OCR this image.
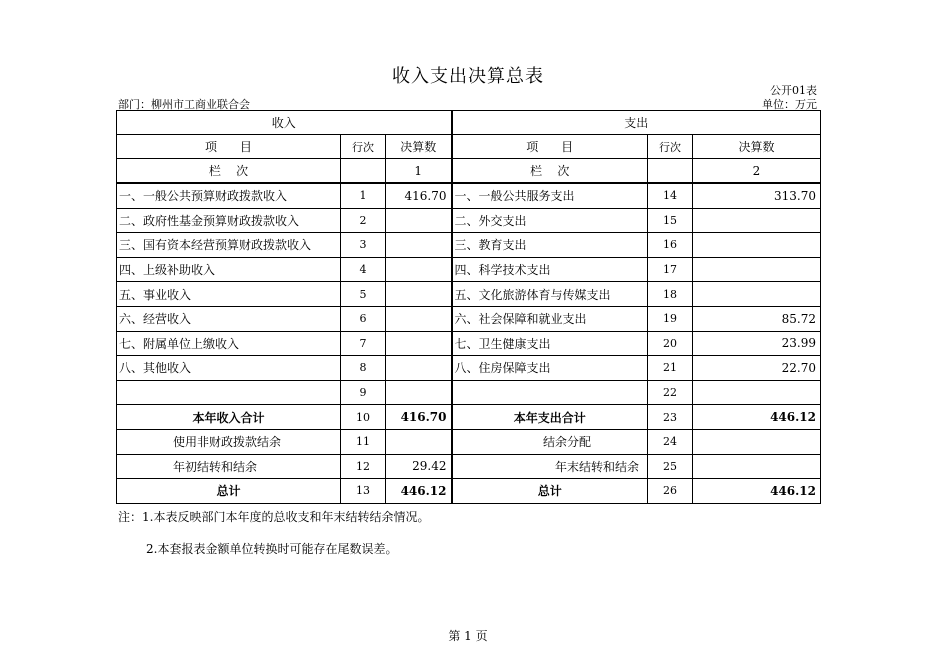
收入支出决算总表
公开01表
部门：柳州市工商业联合会	单位：万元
收入			支出		
项      目	行次	决算数	项      目	行次	决算数
栏    次		1	栏    次		2
一、一般公共预算财政拨款收入	1	416.70	一、一般公共服务支出	14	313.70
二、政府性基金预算财政拨款收入	2		二、外交支出	15	
三、国有资本经营预算财政拨款收入	3		三、教育支出	16	
四、上级补助收入	4		四、科学技术支出	17	
五、事业收入	5		五、文化旅游体育与传媒支出	18	
六、经营收入	6		六、社会保障和就业支出	19	85.72
七、附属单位上缴收入	7		七、卫生健康支出	20	23.99
八、其他收入	8		八、住房保障支出	21	22.70
	9			22	
本年收入合计	10	416.70	本年支出合计	23	446.12
使用非财政拨款结余	11		结余分配	24	
年初结转和结余	12	29.42	年末结转和结余	25	
总计	13	446.12	总计	26	446.12
注：1.本表反映部门本年度的总收支和年末结转结余情况。
2.本套报表金额单位转换时可能存在尾数误差。
第 1 页
